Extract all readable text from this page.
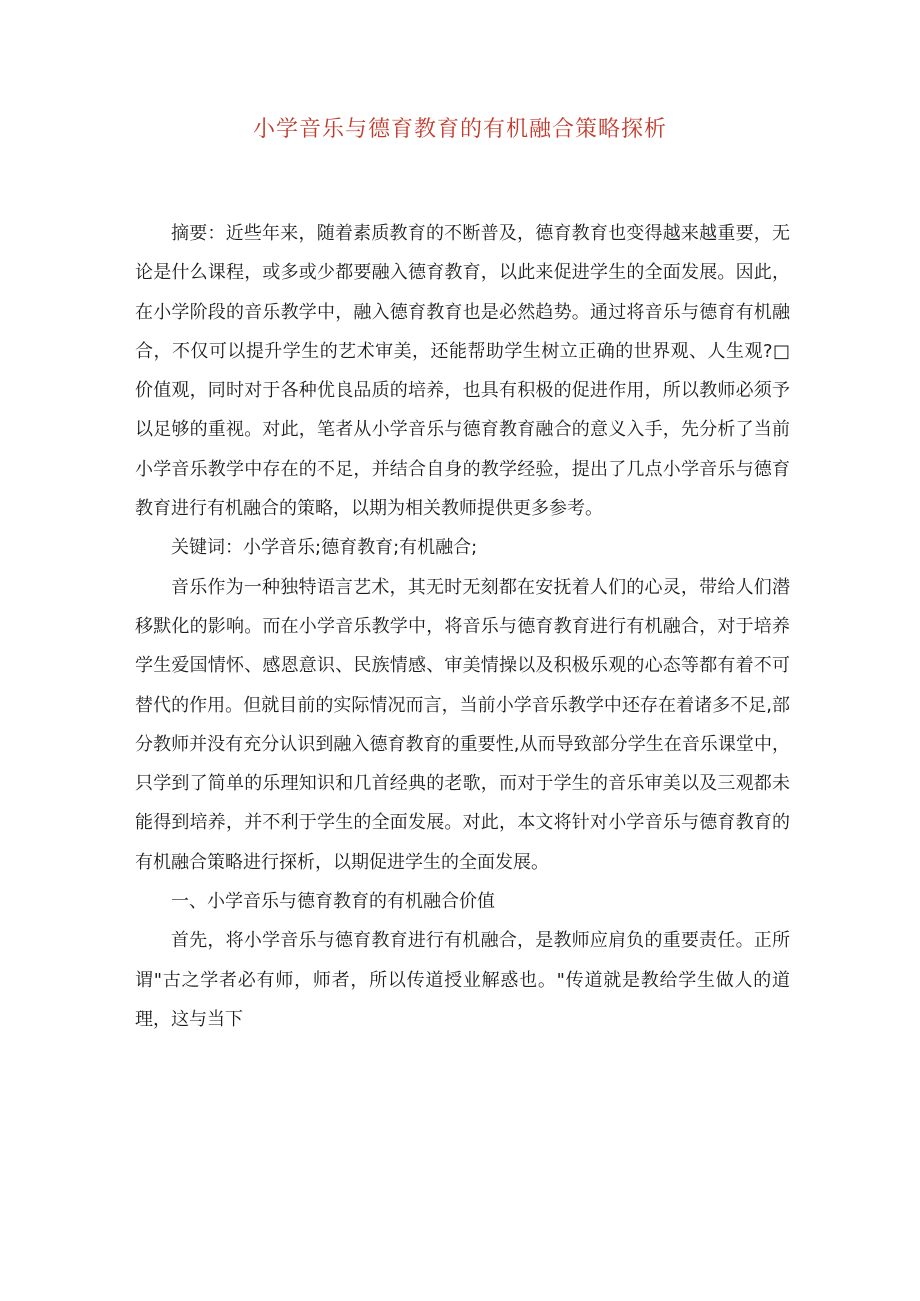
小学音乐与德育教育的有机融合策略探析

摘要：近些年来，随着素质教育的不断普及，德育教育也变得越来越重要，无论是什么课程，或多或少都要融入德育教育，以此来促进学生的全面发展。因此，在小学阶段的音乐教学中，融入德育教育也是必然趋势。通过将音乐与德育有机融合，不仅可以提升学生的艺术审美，还能帮助学生树立正确的世界观、人生观?□价值观，同时对于各种优良品质的培养，也具有积极的促进作用，所以教师必须予以足够的重视。对此，笔者从小学音乐与德育教育融合的意义入手，先分析了当前小学音乐教学中存在的不足，并结合自身的教学经验，提出了几点小学音乐与德育教育进行有机融合的策略，以期为相关教师提供更多参考。

关键词：小学音乐;德育教育;有机融合;

音乐作为一种独特语言艺术，其无时无刻都在安抚着人们的心灵，带给人们潜移默化的影响。而在小学音乐教学中，将音乐与德育教育进行有机融合，对于培养学生爱国情怀、感恩意识、民族情感、审美情操以及积极乐观的心态等都有着不可替代的作用。但就目前的实际情况而言，当前小学音乐教学中还存在着诸多不足,部分教师并没有充分认识到融入德育教育的重要性,从而导致部分学生在音乐课堂中，只学到了简单的乐理知识和几首经典的老歌，而对于学生的音乐审美以及三观都未能得到培养，并不利于学生的全面发展。对此，本文将针对小学音乐与德育教育的有机融合策略进行探析，以期促进学生的全面发展。

一、小学音乐与德育教育的有机融合价值

首先，将小学音乐与德育教育进行有机融合，是教师应肩负的重要责任。正所谓"古之学者必有师，师者，所以传道授业解惑也。"传道就是教给学生做人的道理，这与当下
